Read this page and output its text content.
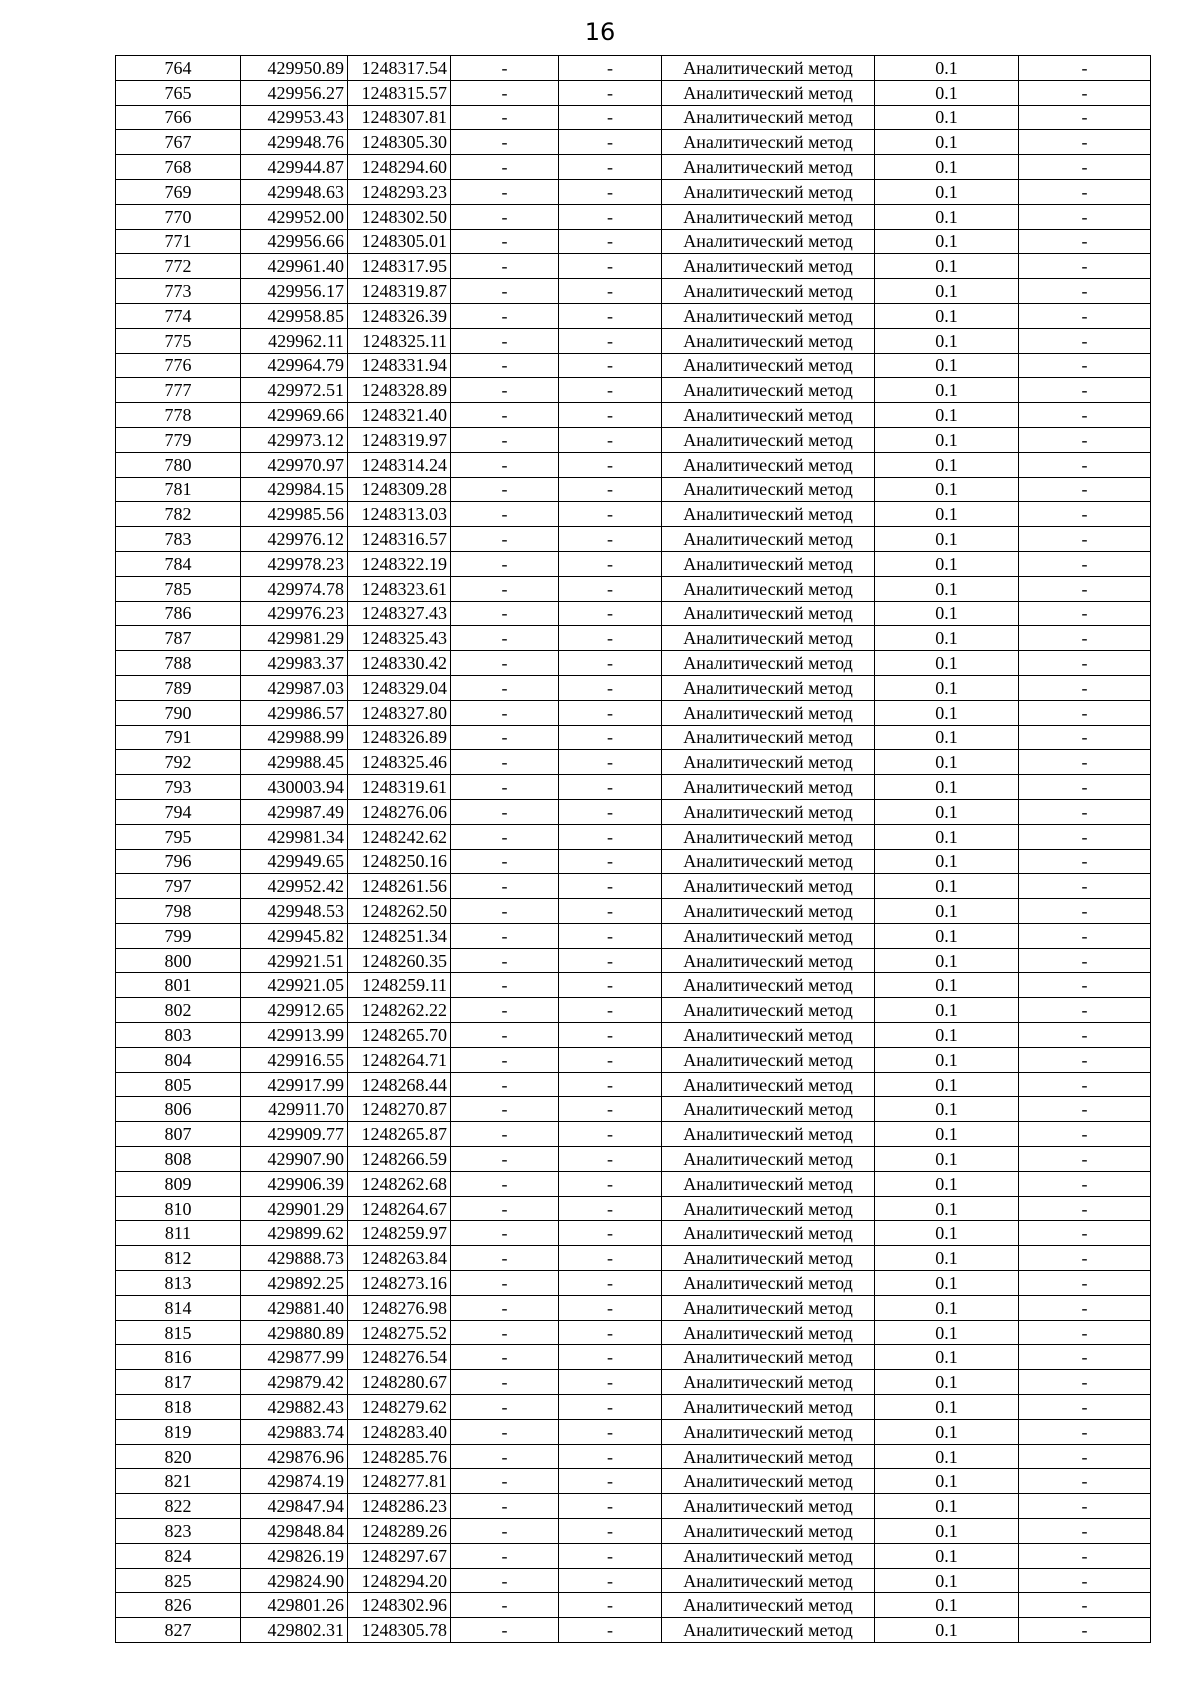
16
764	429950.89	1248317.54	-	-	Аналитический метод	0.1	-
765	429956.27	1248315.57	-	-	Аналитический метод	0.1	-
766	429953.43	1248307.81	-	-	Аналитический метод	0.1	-
767	429948.76	1248305.30	-	-	Аналитический метод	0.1	-
768	429944.87	1248294.60	-	-	Аналитический метод	0.1	-
769	429948.63	1248293.23	-	-	Аналитический метод	0.1	-
770	429952.00	1248302.50	-	-	Аналитический метод	0.1	-
771	429956.66	1248305.01	-	-	Аналитический метод	0.1	-
772	429961.40	1248317.95	-	-	Аналитический метод	0.1	-
773	429956.17	1248319.87	-	-	Аналитический метод	0.1	-
774	429958.85	1248326.39	-	-	Аналитический метод	0.1	-
775	429962.11	1248325.11	-	-	Аналитический метод	0.1	-
776	429964.79	1248331.94	-	-	Аналитический метод	0.1	-
777	429972.51	1248328.89	-	-	Аналитический метод	0.1	-
778	429969.66	1248321.40	-	-	Аналитический метод	0.1	-
779	429973.12	1248319.97	-	-	Аналитический метод	0.1	-
780	429970.97	1248314.24	-	-	Аналитический метод	0.1	-
781	429984.15	1248309.28	-	-	Аналитический метод	0.1	-
782	429985.56	1248313.03	-	-	Аналитический метод	0.1	-
783	429976.12	1248316.57	-	-	Аналитический метод	0.1	-
784	429978.23	1248322.19	-	-	Аналитический метод	0.1	-
785	429974.78	1248323.61	-	-	Аналитический метод	0.1	-
786	429976.23	1248327.43	-	-	Аналитический метод	0.1	-
787	429981.29	1248325.43	-	-	Аналитический метод	0.1	-
788	429983.37	1248330.42	-	-	Аналитический метод	0.1	-
789	429987.03	1248329.04	-	-	Аналитический метод	0.1	-
790	429986.57	1248327.80	-	-	Аналитический метод	0.1	-
791	429988.99	1248326.89	-	-	Аналитический метод	0.1	-
792	429988.45	1248325.46	-	-	Аналитический метод	0.1	-
793	430003.94	1248319.61	-	-	Аналитический метод	0.1	-
794	429987.49	1248276.06	-	-	Аналитический метод	0.1	-
795	429981.34	1248242.62	-	-	Аналитический метод	0.1	-
796	429949.65	1248250.16	-	-	Аналитический метод	0.1	-
797	429952.42	1248261.56	-	-	Аналитический метод	0.1	-
798	429948.53	1248262.50	-	-	Аналитический метод	0.1	-
799	429945.82	1248251.34	-	-	Аналитический метод	0.1	-
800	429921.51	1248260.35	-	-	Аналитический метод	0.1	-
801	429921.05	1248259.11	-	-	Аналитический метод	0.1	-
802	429912.65	1248262.22	-	-	Аналитический метод	0.1	-
803	429913.99	1248265.70	-	-	Аналитический метод	0.1	-
804	429916.55	1248264.71	-	-	Аналитический метод	0.1	-
805	429917.99	1248268.44	-	-	Аналитический метод	0.1	-
806	429911.70	1248270.87	-	-	Аналитический метод	0.1	-
807	429909.77	1248265.87	-	-	Аналитический метод	0.1	-
808	429907.90	1248266.59	-	-	Аналитический метод	0.1	-
809	429906.39	1248262.68	-	-	Аналитический метод	0.1	-
810	429901.29	1248264.67	-	-	Аналитический метод	0.1	-
811	429899.62	1248259.97	-	-	Аналитический метод	0.1	-
812	429888.73	1248263.84	-	-	Аналитический метод	0.1	-
813	429892.25	1248273.16	-	-	Аналитический метод	0.1	-
814	429881.40	1248276.98	-	-	Аналитический метод	0.1	-
815	429880.89	1248275.52	-	-	Аналитический метод	0.1	-
816	429877.99	1248276.54	-	-	Аналитический метод	0.1	-
817	429879.42	1248280.67	-	-	Аналитический метод	0.1	-
818	429882.43	1248279.62	-	-	Аналитический метод	0.1	-
819	429883.74	1248283.40	-	-	Аналитический метод	0.1	-
820	429876.96	1248285.76	-	-	Аналитический метод	0.1	-
821	429874.19	1248277.81	-	-	Аналитический метод	0.1	-
822	429847.94	1248286.23	-	-	Аналитический метод	0.1	-
823	429848.84	1248289.26	-	-	Аналитический метод	0.1	-
824	429826.19	1248297.67	-	-	Аналитический метод	0.1	-
825	429824.90	1248294.20	-	-	Аналитический метод	0.1	-
826	429801.26	1248302.96	-	-	Аналитический метод	0.1	-
827	429802.31	1248305.78	-	-	Аналитический метод	0.1	-
